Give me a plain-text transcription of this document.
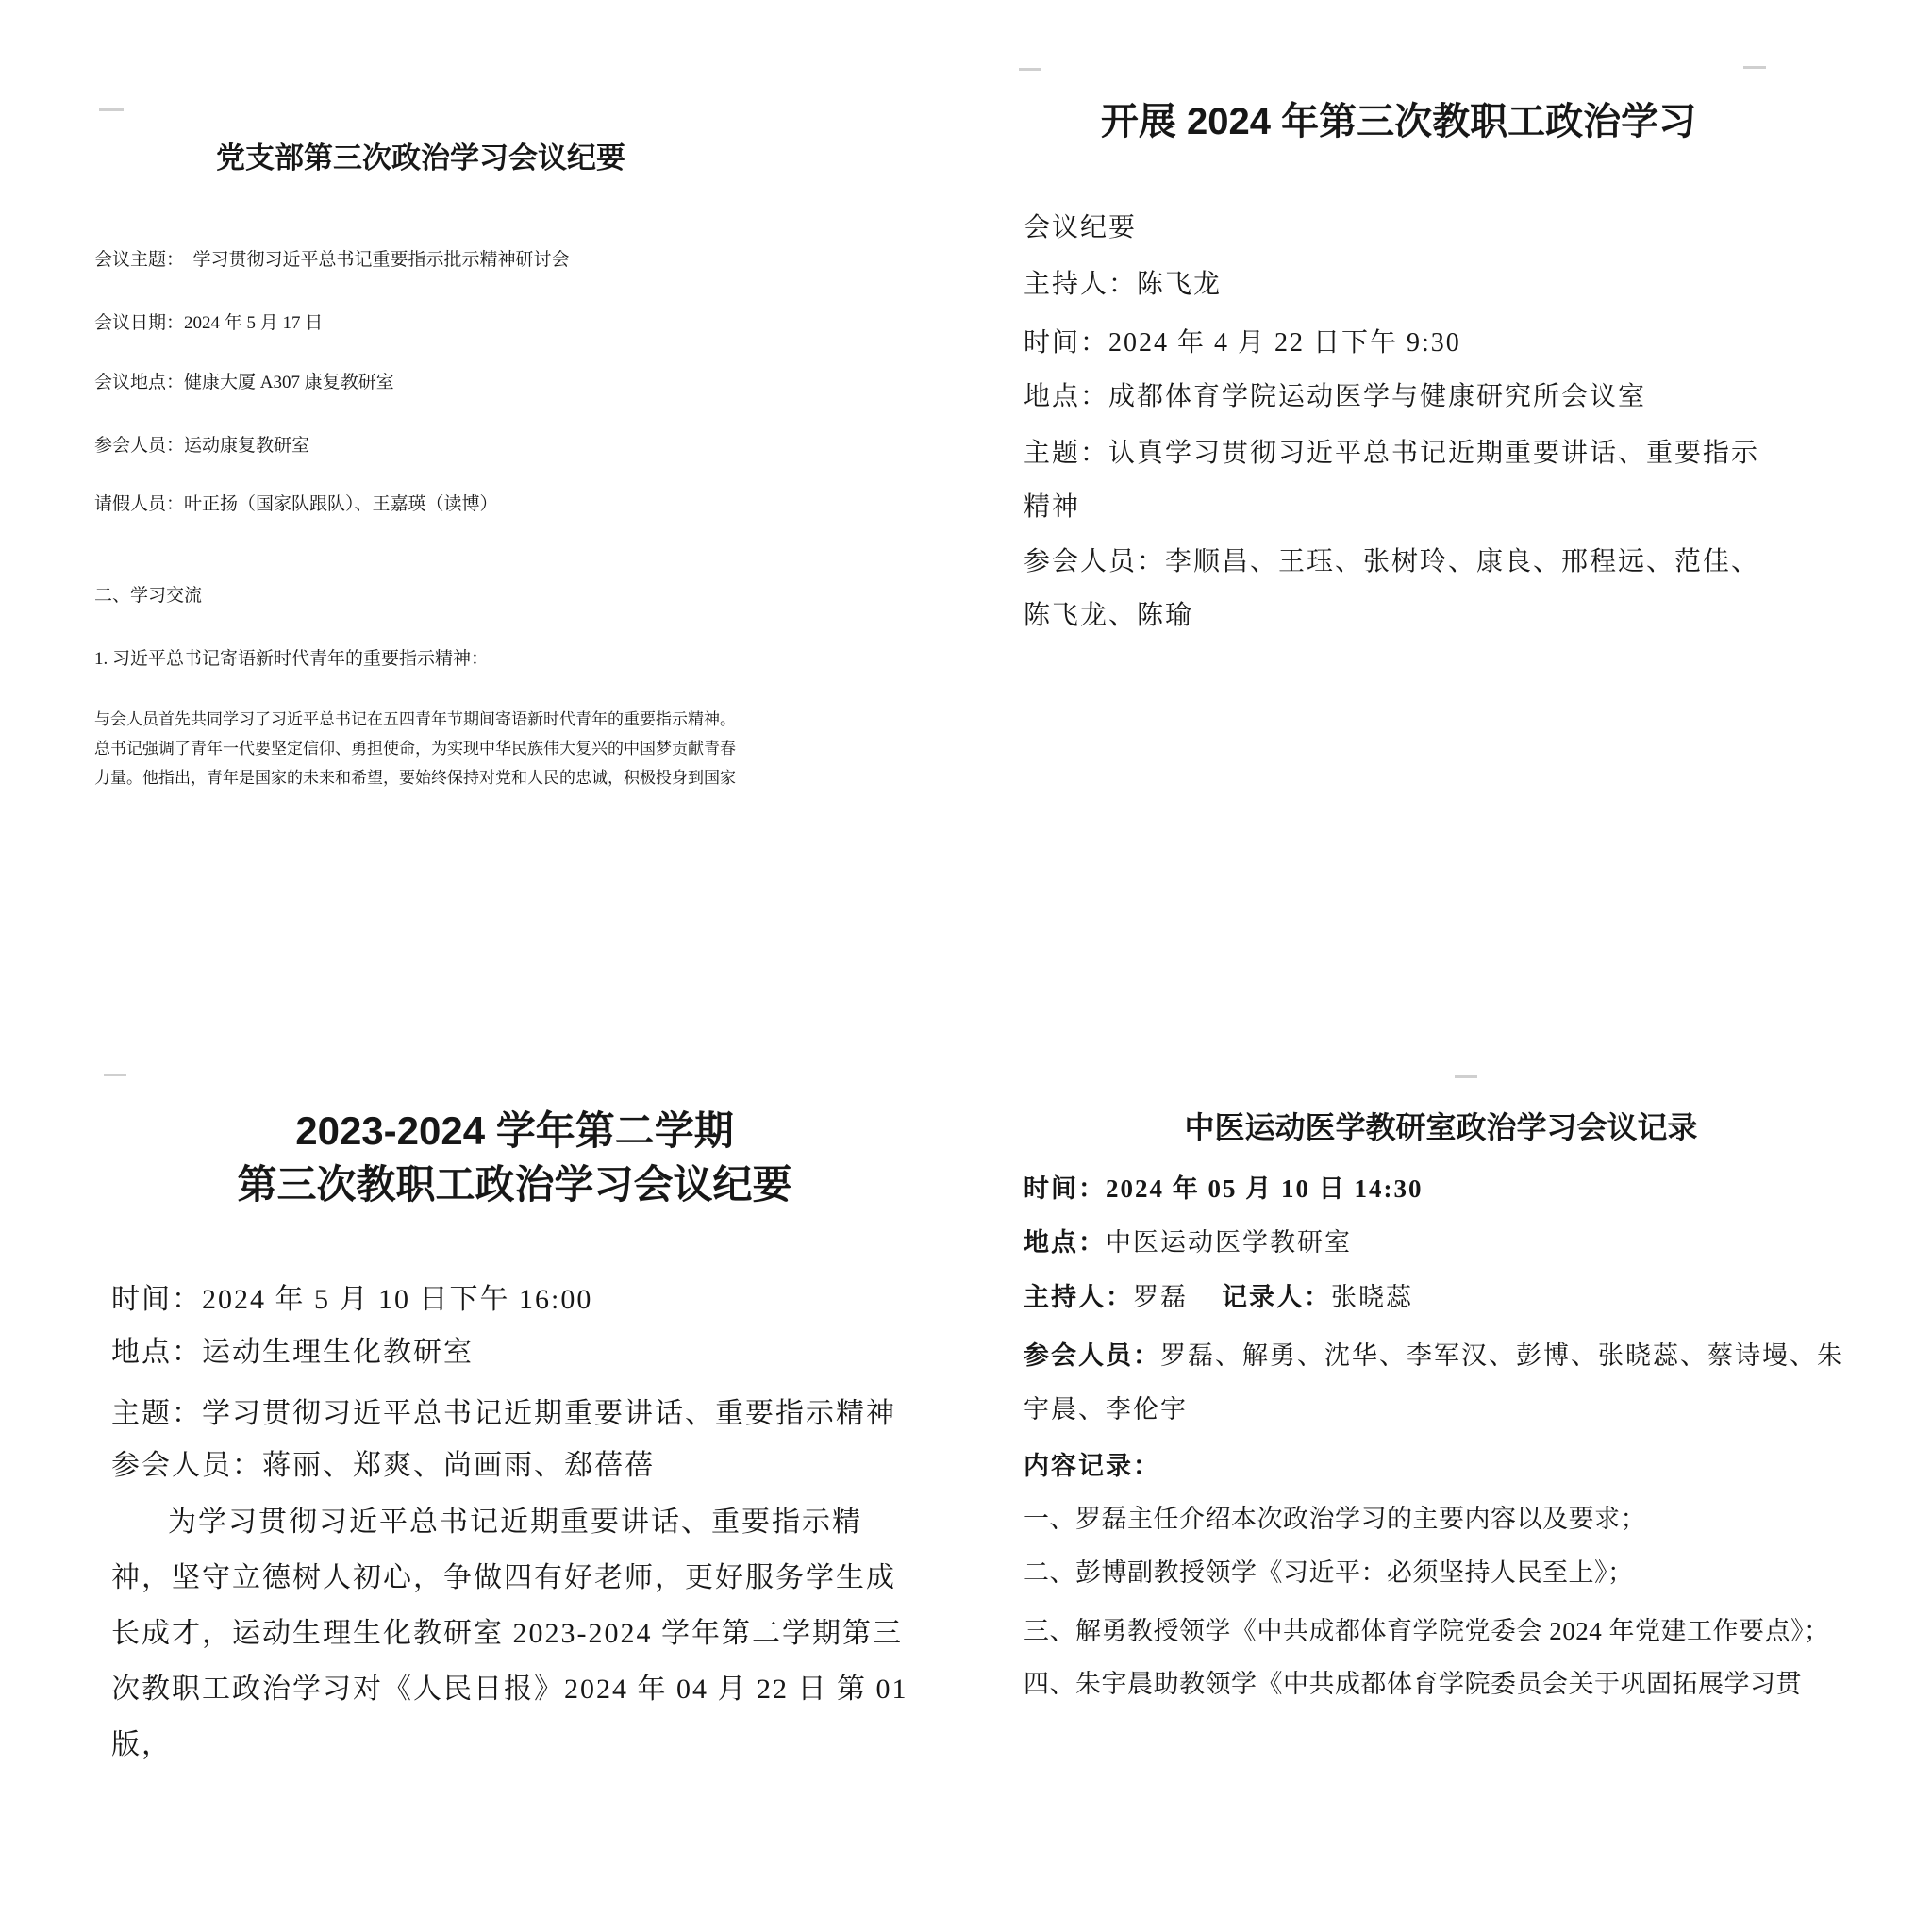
党支部第三次政治学习会议纪要

会议主题：　学习贯彻习近平总书记重要指示批示精神研讨会

会议日期：2024 年 5 月 17 日

会议地点：健康大厦 A307 康复教研室

参会人员：运动康复教研室

请假人员：叶正扬（国家队跟队）、王嘉瑛（读博）

二、学习交流

1. 习近平总书记寄语新时代青年的重要指示精神：

与会人员首先共同学习了习近平总书记在五四青年节期间寄语新时代青年的重要指示精神。总书记强调了青年一代要坚定信仰、勇担使命，为实现中华民族伟大复兴的中国梦贡献青春力量。他指出，青年是国家的未来和希望，要始终保持对党和人民的忠诚，积极投身到国家

开展 2024 年第三次教职工政治学习

会议纪要

主持人：陈飞龙

时间：2024 年 4 月 22 日下午 9:30

地点：成都体育学院运动医学与健康研究所会议室

主题：认真学习贯彻习近平总书记近期重要讲话、重要指示精神

参会人员：李顺昌、王珏、张树玲、康良、邢程远、范佳、陈飞龙、陈瑜

2023-2024 学年第二学期
第三次教职工政治学习会议纪要

时间：2024 年 5 月 10 日下午 16:00

地点：运动生理生化教研室

主题：学习贯彻习近平总书记近期重要讲话、重要指示精神

参会人员：蒋丽、郑爽、尚画雨、郄蓓蓓

为学习贯彻习近平总书记近期重要讲话、重要指示精神，坚守立德树人初心，争做四有好老师，更好服务学生成长成才，运动生理生化教研室 2023-2024 学年第二学期第三次教职工政治学习对《人民日报》2024 年 04 月 22 日 第 01 版，

中医运动医学教研室政治学习会议记录

时间：2024 年 05 月 10 日 14:30

地点：中医运动医学教研室

主持人：罗磊 记录人：张晓蕊

参会人员：罗磊、解勇、沈华、李军汉、彭博、张晓蕊、蔡诗墁、朱宇晨、李伦宇

内容记录：

一、罗磊主任介绍本次政治学习的主要内容以及要求；

二、彭博副教授领学《习近平：必须坚持人民至上》；

三、解勇教授领学《中共成都体育学院党委会 2024 年党建工作要点》；

四、朱宇晨助教领学《中共成都体育学院委员会关于巩固拓展学习贯
